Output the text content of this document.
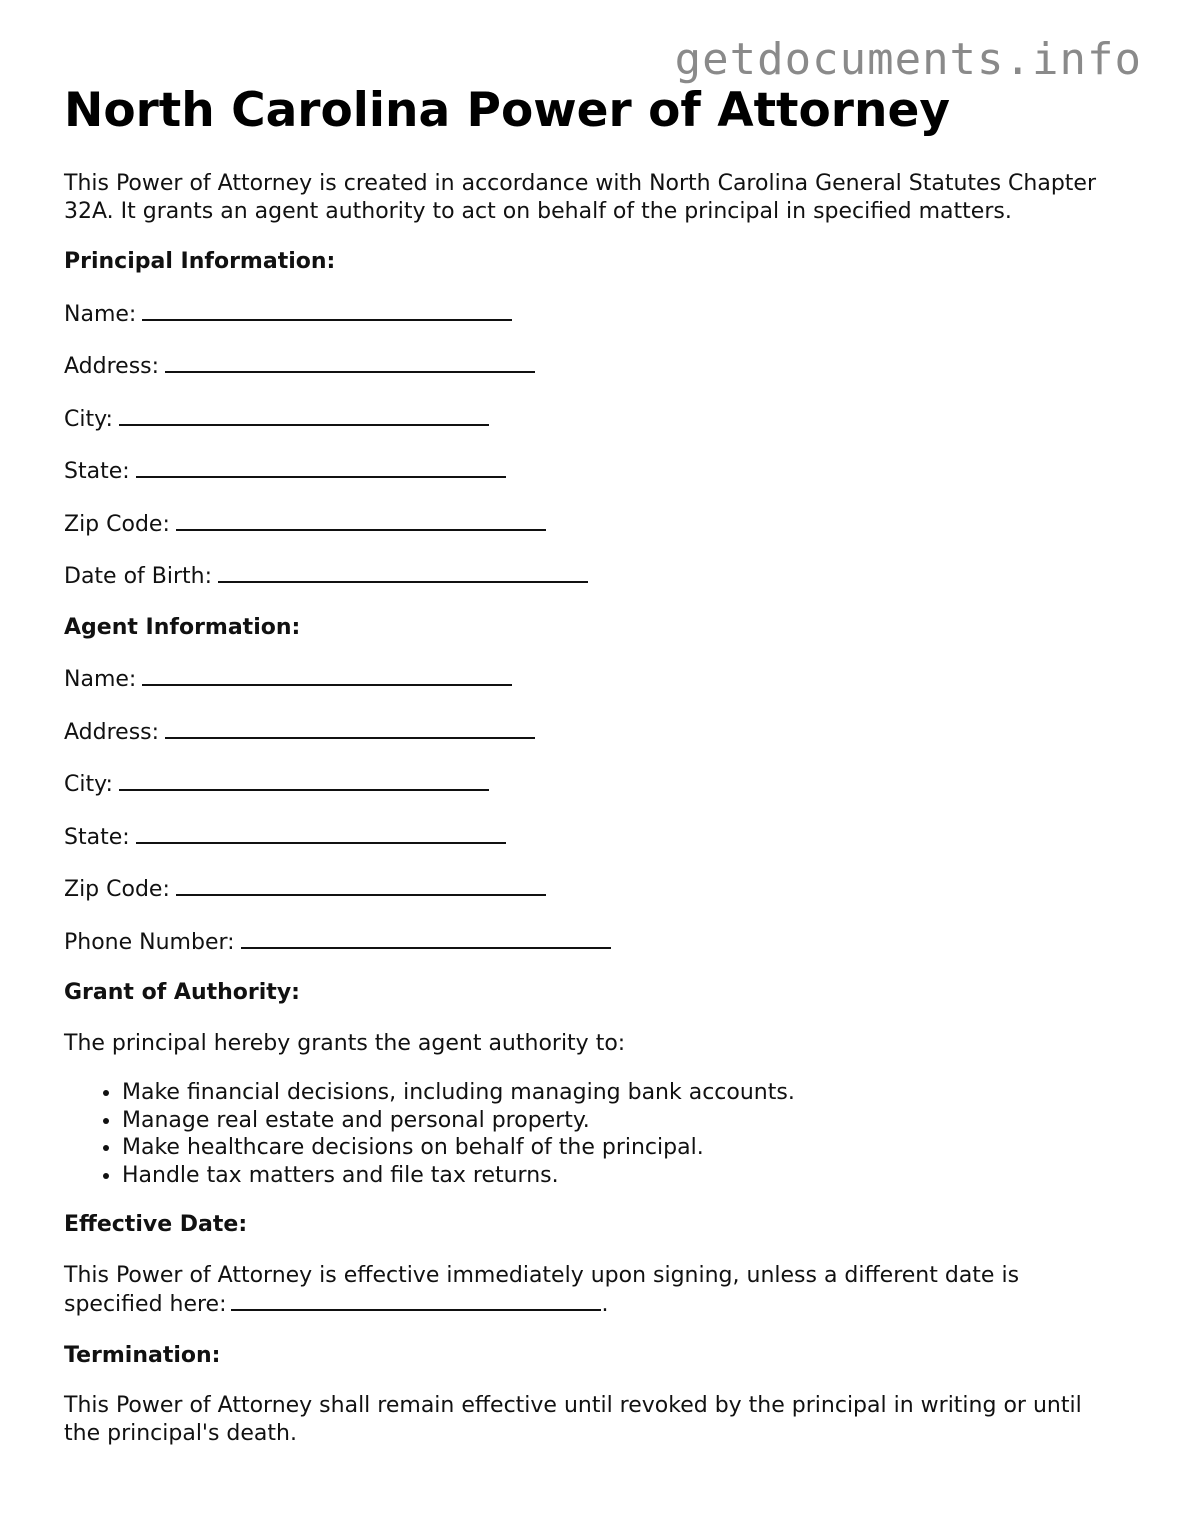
getdocuments.info
North Carolina Power of Attorney

This Power of Attorney is created in accordance with North Carolina General Statutes Chapter 32A. It grants an agent authority to act on behalf of the principal in specified matters.

Principal Information:
Name:
Address:
City:
State:
Zip Code:
Date of Birth:
Agent Information:
Name:
Address:
City:
State:
Zip Code:
Phone Number:
Grant of Authority:

The principal hereby grants the agent authority to:

• Make financial decisions, including managing bank accounts.
• Manage real estate and personal property.
• Make healthcare decisions on behalf of the principal.
• Handle tax matters and file tax returns.
Effective Date:

This Power of Attorney is effective immediately upon signing, unless a different date is specified here:	.

Termination:

This Power of Attorney shall remain effective until revoked by the principal in writing or until the principal's death.
